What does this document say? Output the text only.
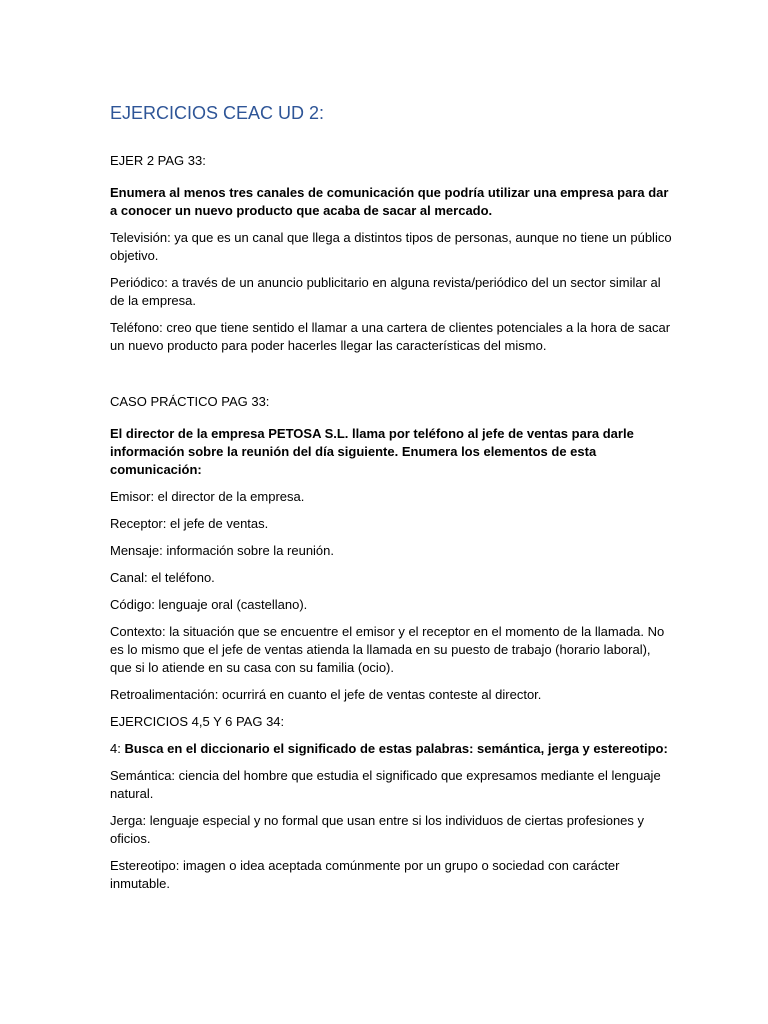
EJERCICIOS CEAC UD 2:

EJER 2 PAG 33:

Enumera al menos tres canales de comunicación que podría utilizar una empresa para dar a conocer un nuevo producto que acaba de sacar al mercado.

Televisión: ya que es un canal que llega a distintos tipos de personas, aunque no tiene un público objetivo.

Periódico: a través de un anuncio publicitario en alguna revista/periódico del un sector similar al de la empresa.

Teléfono: creo que tiene sentido el llamar a una cartera de clientes potenciales a la hora de sacar un nuevo producto para poder hacerles llegar las características del mismo.

CASO PRÁCTICO PAG 33:

El director de la empresa PETOSA S.L. llama por teléfono al jefe de ventas para darle información sobre la reunión del día siguiente. Enumera los elementos de esta comunicación:

Emisor: el director de la empresa.

Receptor: el jefe de ventas.

Mensaje: información sobre la reunión.

Canal: el teléfono.

Código: lenguaje oral (castellano).

Contexto: la situación que se encuentre el emisor y el receptor en el momento de la llamada. No es lo mismo que el jefe de ventas atienda la llamada en su puesto de trabajo (horario laboral), que si lo atiende en su casa con su familia (ocio).

Retroalimentación: ocurrirá en cuanto el jefe de ventas conteste al director.

EJERCICIOS 4,5 Y 6 PAG 34:

4: Busca en el diccionario el significado de estas palabras: semántica, jerga y estereotipo:

Semántica: ciencia del hombre que estudia el significado que expresamos mediante el lenguaje natural.

Jerga: lenguaje especial y no formal que usan entre si los individuos de ciertas profesiones y oficios.

Estereotipo: imagen o idea aceptada comúnmente por un grupo o sociedad con carácter inmutable.
